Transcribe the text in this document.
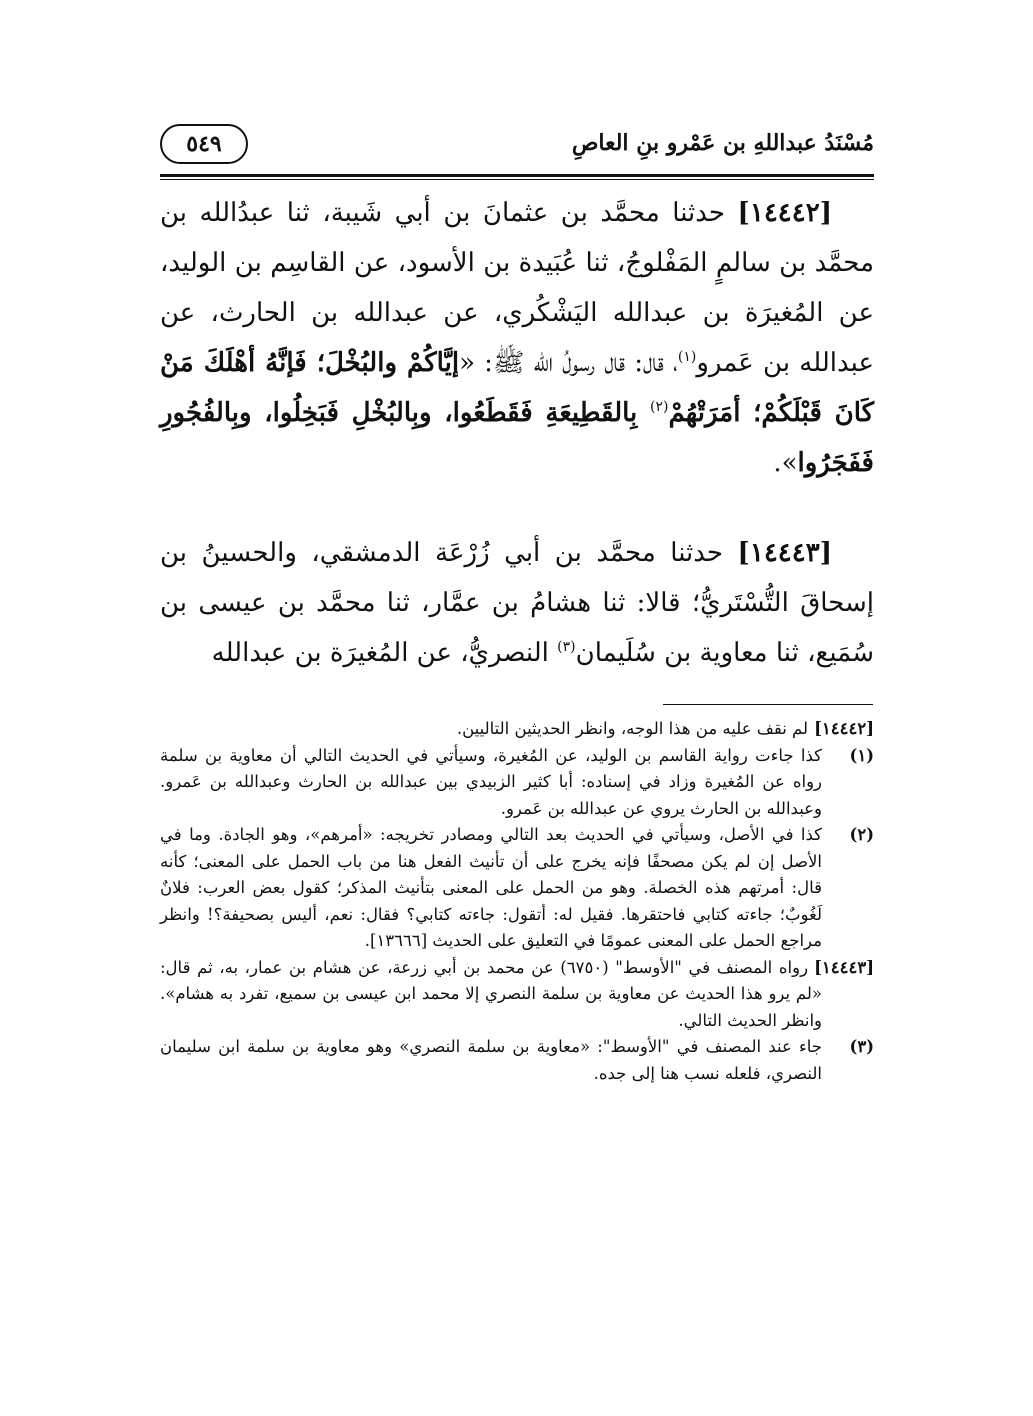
مُسْنَدُ عبداللهِ بن عَمْرو بنِ العاصِ
٥٤٩

[١٤٤٤٢] حدثنا محمَّد بن عثمانَ بن أبي شَيبة، ثنا عبدُالله بن محمَّد بن سالمٍ المَفْلوجُ، ثنا عُبَيدة بن الأسود، عن القاسِم بن الوليد، عن المُغيرَة بن عبدالله اليَشْكُري، عن عبدالله بن الحارث، عن عبدالله بن عَمرو$^{(١)}$، قال: قال رسولُ الله ﷺ: «إيَّاكُمْ والبُخْلَ؛ فَإنَّهُ أهْلَكَ مَنْ كَانَ قَبْلَكُمْ؛ أمَرَتْهُمْ$^{(٢)}$ بِالقَطِيعَةِ فَقَطَعُوا، وبِالبُخْلِ فَبَخِلُوا، وبِالفُجُورِ فَفَجَرُوا».

[١٤٤٤٣] حدثنا محمَّد بن أبي زُرْعَة الدمشقي، والحسينُ بن إسحاقَ التُّسْتَريُّ؛ قالا: ثنا هشامُ بن عمَّار، ثنا محمَّد بن عيسى بن سُمَيع، ثنا معاوية بن سُلَيمان$^{(٣)}$ النصريُّ، عن المُغيرَة بن عبدالله

[١٤٤٤٢]لم نقف عليه من هذا الوجه، وانظر الحديثين التاليين.

(١)كذا جاءت رواية القاسم بن الوليد، عن المُغيرة، وسيأتي في الحديث التالي أن معاوية بن سلمة رواه عن المُغيرة وزاد في إسناده: أبا كثير الزبيدي بين عبدالله بن الحارث وعبدالله بن عَمرو. وعبدالله بن الحارث يروي عن عبدالله بن عَمرو.

(٢)كذا في الأصل، وسيأتي في الحديث بعد التالي ومصادر تخريجه: «أمرهم»، وهو الجادة. وما في الأصل إن لم يكن مصحفًا فإنه يخرج على أن تأنيث الفعل هنا من باب الحمل على المعنى؛ كأنه قال: أمرتهم هذه الخصلة. وهو من الحمل على المعنى بتأنيث المذكر؛ كقول بعض العرب: فلانٌ لَغُوبٌ؛ جاءته كتابي فاحتقرها. فقيل له: أتقول: جاءته كتابي؟ فقال: نعم، أليس بصحيفة؟! وانظر مراجع الحمل على المعنى عمومًا في التعليق على الحديث [١٣٦٦٦].

[١٤٤٤٣]رواه المصنف في "الأوسط" (٦٧٥٠) عن محمد بن أبي زرعة، عن هشام بن عمار، به، ثم قال: «لم يرو هذا الحديث عن معاوية بن سلمة النصري إلا محمد ابن عيسى بن سميع، تفرد به هشام». وانظر الحديث التالي.

(٣)جاء عند المصنف في "الأوسط": «معاوية بن سلمة النصري» وهو معاوية بن سلمة ابن سليمان النصري، فلعله نسب هنا إلى جده.
